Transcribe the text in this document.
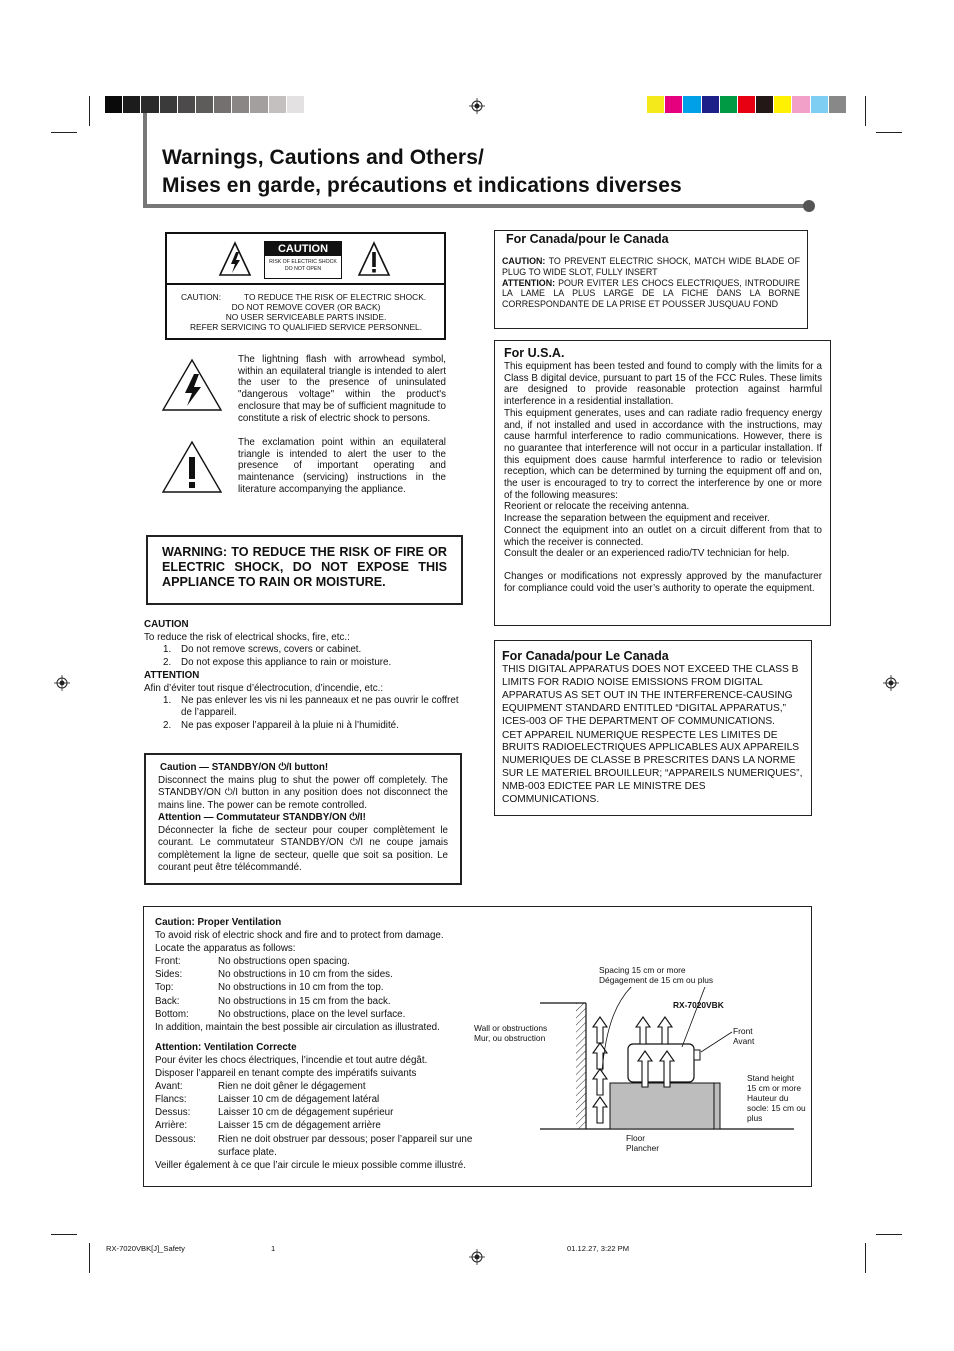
Warnings, Cautions and Others/
Mises en garde, précautions et indications diverses
CAUTION
RISK OF ELECTRIC SHOCK
DO NOT OPEN
CAUTION:	TO REDUCE THE RISK OF ELECTRIC SHOCK.
DO NOT REMOVE COVER (OR BACK)
NO USER SERVICEABLE PARTS INSIDE.
REFER SERVICING TO QUALIFIED SERVICE PERSONNEL.
The lightning flash with arrowhead symbol, within an equilateral triangle is intended to alert the user to the presence of uninsulated "dangerous voltage" within the product's enclosure that may be of sufficient magnitude to constitute a risk of electric shock to persons.
The exclamation point within an equilateral triangle is intended to alert the user to the presence of important operating and maintenance (servicing) instructions in the literature accompanying the appliance.
WARNING: TO REDUCE THE RISK OF FIRE OR ELECTRIC SHOCK, DO NOT EXPOSE THIS APPLIANCE TO RAIN OR MOISTURE.
CAUTION
To reduce the risk of electrical shocks, fire, etc.:
1.	Do not remove screws, covers or cabinet.
2.	Do not expose this appliance to rain or moisture.
ATTENTION
Afin d’éviter tout risque d’électrocution, d’incendie, etc.:
1.	Ne pas enlever les vis ni les panneaux et ne pas ouvrir le coffret de l’appareil.
2.	Ne pas exposer l’appareil à la pluie ni à l’humidité.
Caution — STANDBY/ON ⏻/I button!
Disconnect the mains plug to shut the power off completely. The STANDBY/ON ⏻/I button in any position does not disconnect the mains line. The power can be remote controlled.
Attention — Commutateur STANDBY/ON ⏻/I!
Déconnecter la fiche de secteur pour couper complètement le courant. Le commutateur STANDBY/ON ⏻/I ne coupe jamais complètement la ligne de secteur, quelle que soit sa position. Le courant peut être télécommandé.
For Canada/pour le Canada
CAUTION: TO PREVENT ELECTRIC SHOCK, MATCH WIDE BLADE OF PLUG TO WIDE SLOT, FULLY INSERT
ATTENTION: POUR EVITER LES CHOCS ELECTRIQUES, INTRODUIRE LA LAME LA PLUS LARGE DE LA FICHE DANS LA BORNE CORRESPONDANTE DE LA PRISE ET POUSSER JUSQUAU FOND
For U.S.A.

This equipment has been tested and found to comply with the limits for a Class B digital device, pursuant to part 15 of the FCC Rules. These limits are designed to provide reasonable protection against harmful interference in a residential installation.

This equipment generates, uses and can radiate radio frequency energy and, if not installed and used in accordance with the instructions, may cause harmful interference to radio communications. However, there is no guarantee that interference will not occur in a particular installation. If this equipment does cause harmful interference to radio or television reception, which can be determined by turning the equipment off and on, the user is encouraged to try to correct the interference by one or more of the following measures:

Reorient or relocate the receiving antenna.

Increase the separation between the equipment and receiver.

Connect the equipment into an outlet on a circuit different from that to which the receiver is connected.

Consult the dealer or an experienced radio/TV technician for help.

Changes or modifications not expressly approved by the manufacturer for compliance could void the user’s authority to operate the equipment.

For Canada/pour Le Canada

THIS DIGITAL APPARATUS DOES NOT EXCEED THE CLASS B LIMITS FOR RADIO NOISE EMISSIONS FROM DIGITAL APPARATUS AS SET OUT IN THE INTERFERENCE-CAUSING EQUIPMENT STANDARD ENTITLED “DIGITAL APPARATUS,” ICES-003 OF THE DEPARTMENT OF COMMUNICATIONS.

CET APPAREIL NUMERIQUE RESPECTE LES LIMITES DE BRUITS RADIOELECTRIQUES APPLICABLES AUX APPAREILS NUMERIQUES DE CLASSE B PRESCRITES DANS LA NORME SUR LE MATERIEL BROUILLEUR; “APPAREILS NUMERIQUES”, NMB-003 EDICTEE PAR LE MINISTRE DES COMMUNICATIONS.

Caution: Proper Ventilation
To avoid risk of electric shock and fire and to protect from damage.
Locate the apparatus as follows:
Front:	No obstructions open spacing.
Sides:	No obstructions in 10 cm from the sides.
Top:	No obstructions in 10 cm from the top.
Back:	No obstructions in 15 cm from the back.
Bottom:	No obstructions, place on the level surface.
In addition, maintain the best possible air circulation as illustrated.
Attention: Ventilation Correcte
Pour éviter les chocs électriques, l’incendie et tout autre dégât.
Disposer l’appareil en tenant compte des impératifs suivants
Avant:	Rien ne doit gêner le dégagement
Flancs:	Laisser 10 cm de dégagement latéral
Dessus:	Laisser 10 cm de dégagement supérieur
Arrière:	Laisser 15 cm de dégagement arrière
Dessous:	Rien ne doit obstruer par dessous; poser l’appareil sur une surface plate.
Veiller également à ce que l’air circule le mieux possible comme illustré.
Spacing 15 cm or more
Dégagement de 15 cm ou plus
RX-7020VBK
Wall or obstructions
Mur, ou obstruction
Front
Avant
Stand height
15 cm or more
Hauteur du
socle: 15 cm ou
plus
Floor
Plancher
RX-7020VBK[J]_Safety	1	01.12.27, 3:22 PM
